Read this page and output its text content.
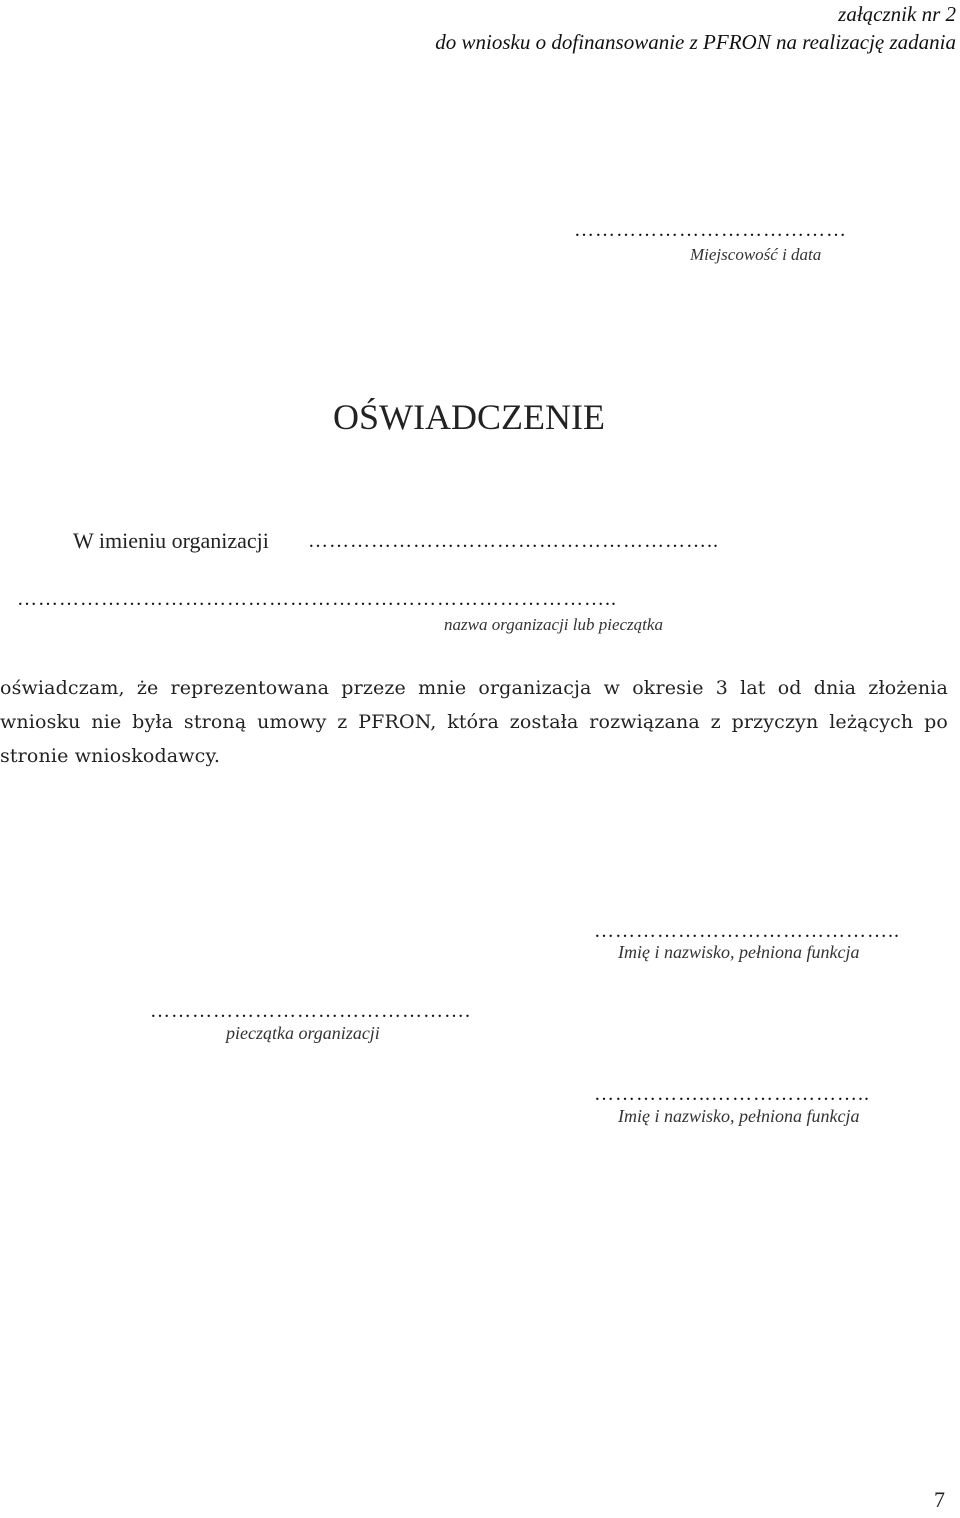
załącznik nr 2
do wniosku o dofinansowanie z PFRON na realizację zadania
…………………………………
Miejscowość i data
OŚWIADCZENIE
W imieniu organizacji …………………………………………………..
…………………………………………………………………………..
nazwa organizacji lub pieczątka
oświadczam, że reprezentowana przeze mnie organizacja w okresie 3 lat od dnia złożenia wniosku nie była stroną umowy z PFRON, która została rozwiązana z przyczyn leżących po stronie wnioskodawcy.
……………………………………..
Imię i nazwisko, pełniona funkcja
……………………………………….
pieczątka organizacji
……………..…………………..
Imię i nazwisko, pełniona funkcja
7
